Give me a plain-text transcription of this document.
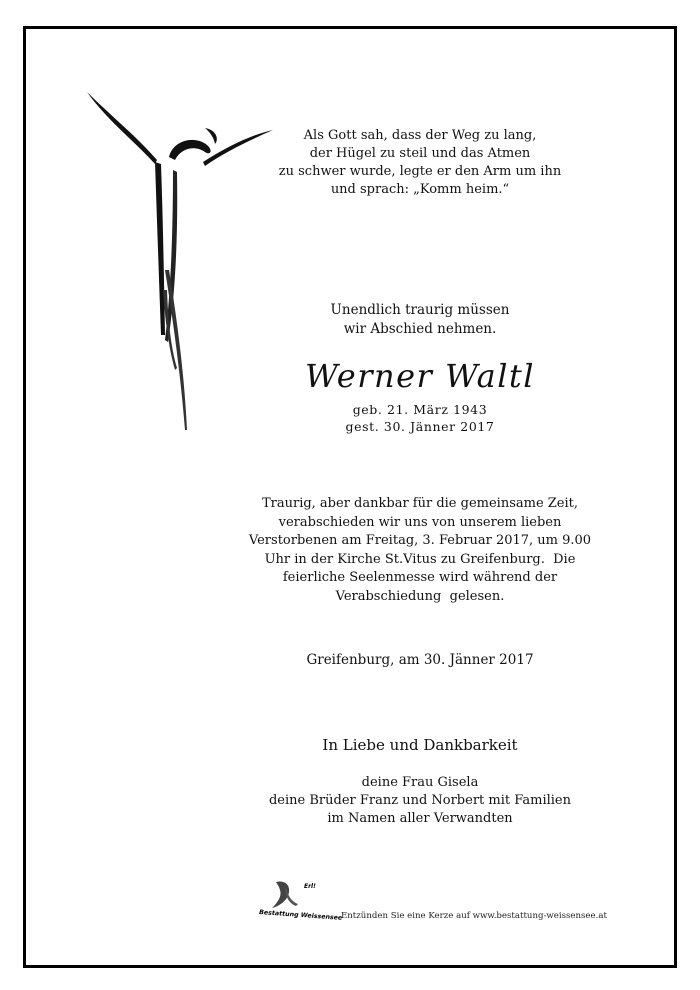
Als Gott sah, dass der Weg zu lang,
der Hügel zu steil und das Atmen
zu schwer wurde, legte er den Arm um ihn
und sprach: „Komm heim.“
Unendlich traurig müssen
wir Abschied nehmen.
Werner Waltl
geb. 21. März 1943
gest. 30. Jänner 2017
Traurig, aber dankbar für die gemeinsame Zeit,
verabschieden wir uns von unserem lieben
Verstorbenen am Freitag, 3. Februar 2017, um 9.00
Uhr in der Kirche St.Vitus zu Greifenburg.  Die
feierliche Seelenmesse wird während der
Verabschiedung  gelesen.
Greifenburg, am 30. Jänner 2017
In Liebe und Dankbarkeit
deine Frau Gisela
deine Brüder Franz und Norbert mit Familien
im Namen aller Verwandten
Erl!
Bestattung Weissensee
Entzünden Sie eine Kerze auf www.bestattung-weissensee.at
